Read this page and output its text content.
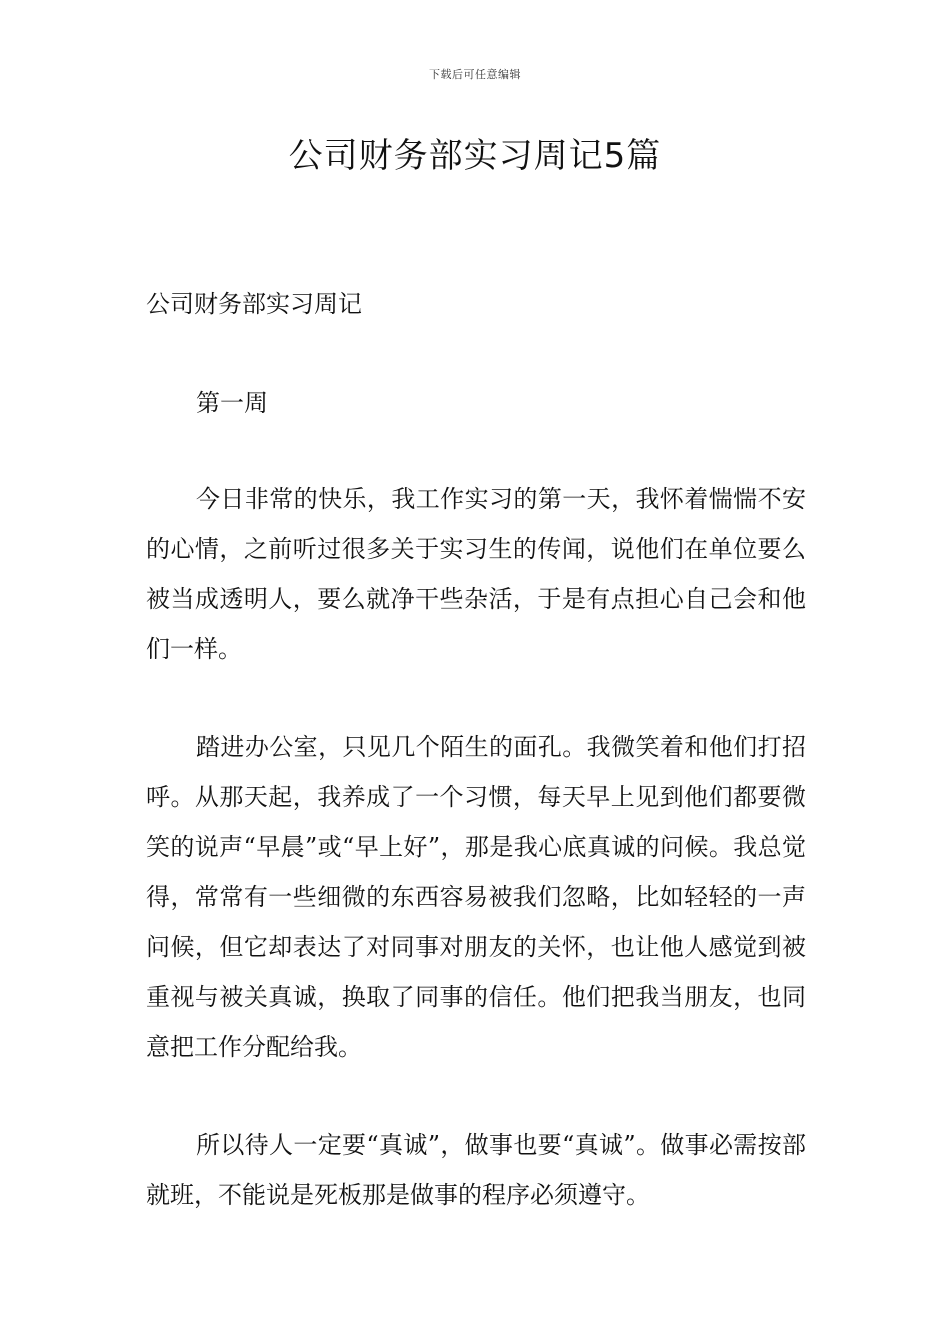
下载后可任意编辑
公司财务部实习周记5篇

公司财务部实习周记

第一周

今日非常的快乐，我工作实习的第一天，我怀着惴惴不安的心情，之前听过很多关于实习生的传闻，说他们在单位要么被当成透明人，要么就净干些杂活，于是有点担心自己会和他们一样。

踏进办公室，只见几个陌生的面孔。我微笑着和他们打招呼。从那天起，我养成了一个习惯，每天早上见到他们都要微笑的说声“早晨”或“早上好”，那是我心底真诚的问候。我总觉得，常常有一些细微的东西容易被我们忽略，比如轻轻的一声问候，但它却表达了对同事对朋友的关怀，也让他人感觉到被重视与被关真诚，换取了同事的信任。他们把我当朋友，也同意把工作分配给我。

所以待人一定要“真诚”，做事也要“真诚”。做事必需按部就班，不能说是死板那是做事的程序必须遵守。
